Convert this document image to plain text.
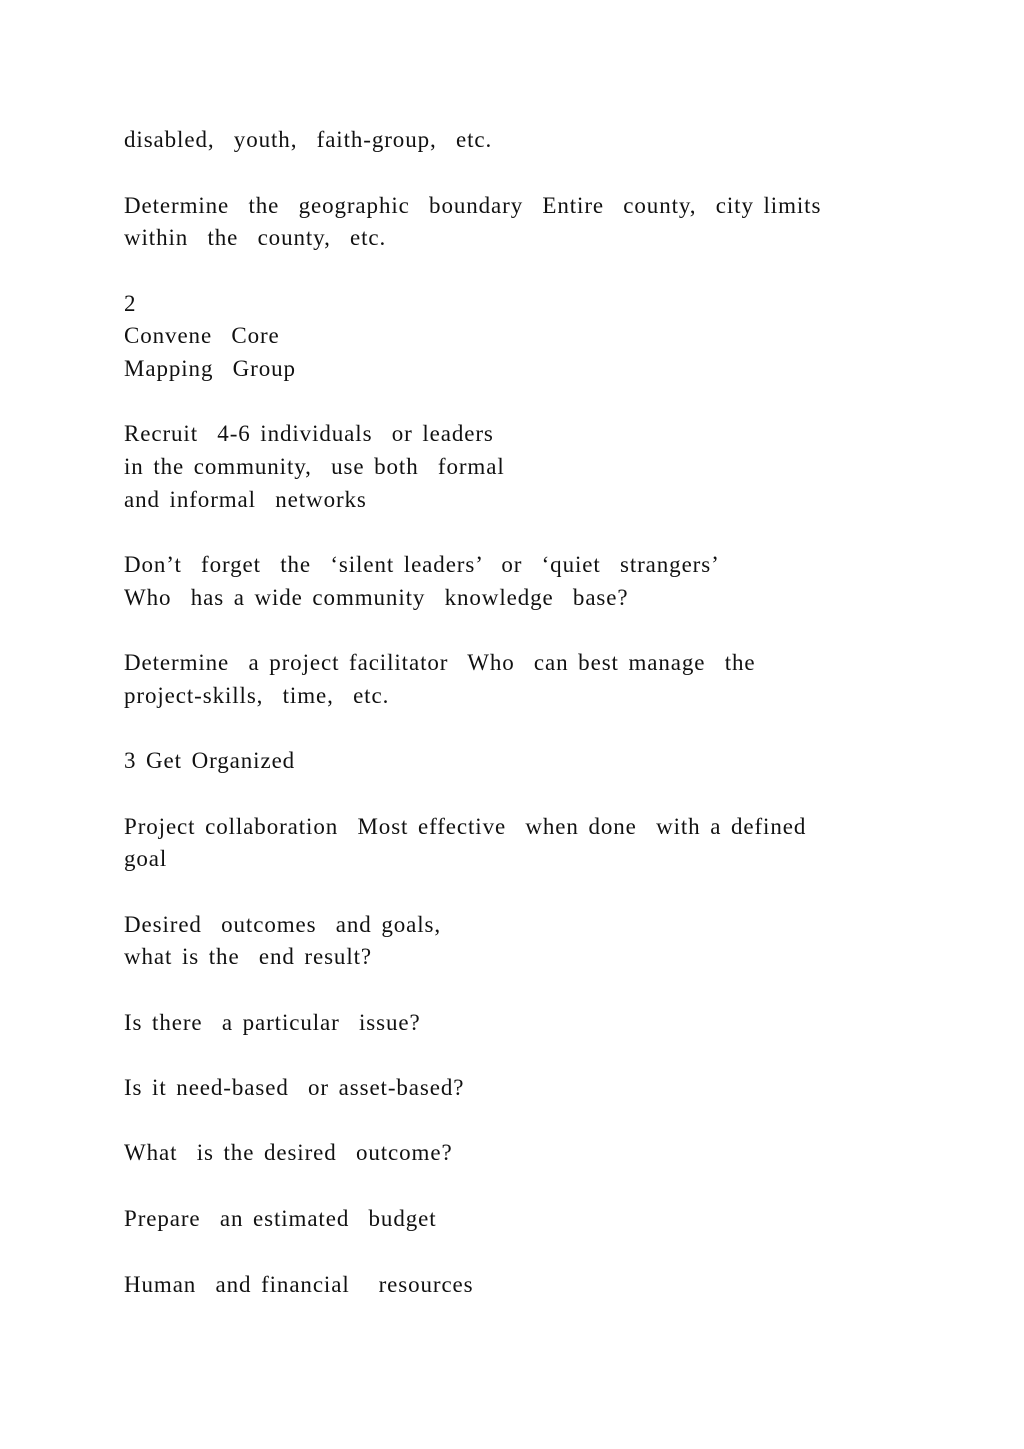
disabled,  youth,  faith-group,  etc.

Determine  the  geographic  boundary  Entire  county,  city limits

within  the  county,  etc.

2

Convene  Core

Mapping  Group

Recruit  4-6 individuals  or leaders

in the community,  use both  formal

and informal  networks

Don’t  forget  the  ‘silent leaders’  or  ‘quiet  strangers’

Who  has a wide community  knowledge  base?

Determine  a project facilitator  Who  can best manage  the

project-skills,  time,  etc.

3 Get Organized

Project collaboration  Most effective  when done  with a defined

goal

Desired  outcomes  and goals,

what is the  end result?

Is there  a particular  issue?

Is it need-based  or asset-based?

What  is the desired  outcome?

Prepare  an estimated  budget

Human  and financial   resources
